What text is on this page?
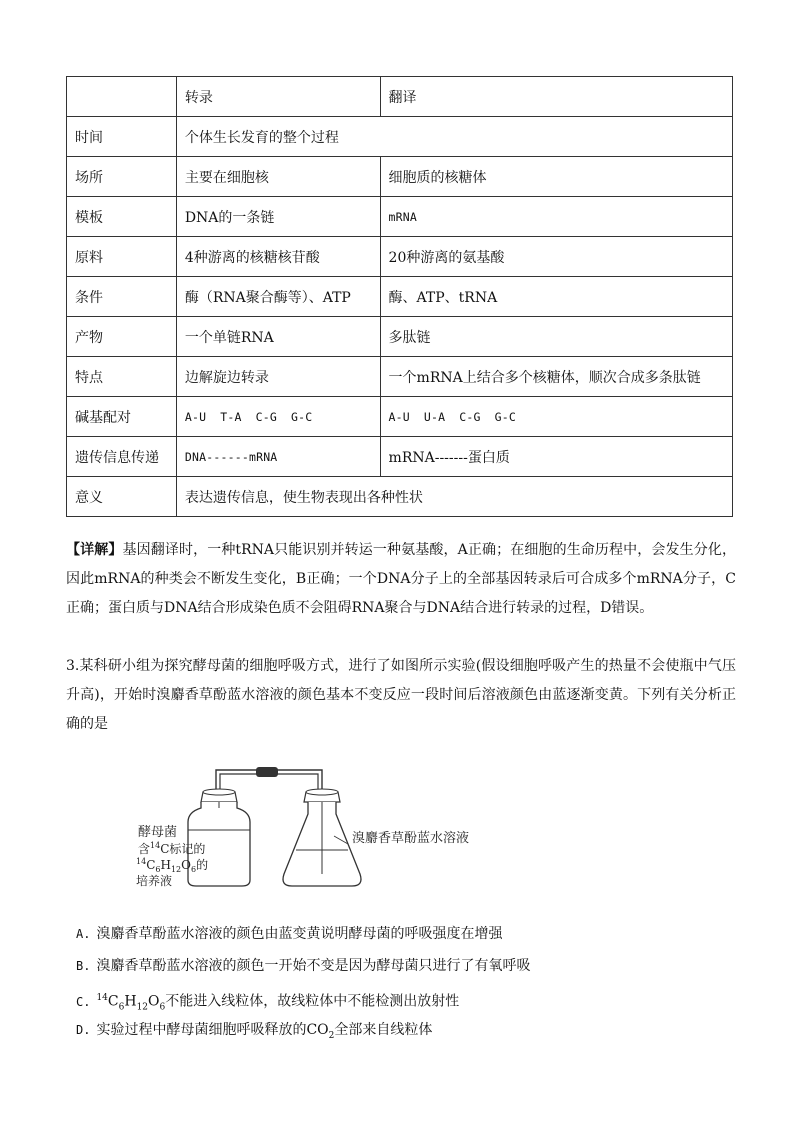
	转录	翻译
时间	个体生长发育的整个过程	
场所	主要在细胞核	细胞质的核糖体
模板	DNA的一条链	mRNA
原料	4种游离的核糖核苷酸	20种游离的氨基酸
条件	酶（RNA聚合酶等）、ATP	酶、ATP、tRNA
产物	一个单链RNA	多肽链
特点	边解旋边转录	一个mRNA上结合多个核糖体，顺次合成多条肽链
碱基配对	A-U T-A C-G G-C	A-U U-A C-G G-C
遗传信息传递	DNA------mRNA	mRNA-------蛋白质
意义	表达遗传信息，使生物表现出各种性状	
【详解】基因翻译时，一种tRNA只能识别并转运一种氨基酸，A正确；在细胞的生命历程中，会发生分化，因此mRNA的种类会不断发生变化，B正确；一个DNA分子上的全部基因转录后可合成多个mRNA分子，C正确；蛋白质与DNA结合形成染色质不会阻碍RNA聚合与DNA结合进行转录的过程，D错误。
3.某科研小组为探究酵母菌的细胞呼吸方式，进行了如图所示实验(假设细胞呼吸产生的热量不会使瓶中气压升高)，开始时溴麝香草酚蓝水溶液的颜色基本不变反应一段时间后溶液颜色由蓝逐渐变黄。下列有关分析正确的是
酵母菌
含$^{14}$C标记的
$^{14}C_6H_{12}O_6$的
培养液
溴麝香草酚蓝水溶液
A. 溴麝香草酚蓝水溶液的颜色由蓝变黄说明酵母菌的呼吸强度在增强
B. 溴麝香草酚蓝水溶液的颜色一开始不变是因为酵母菌只进行了有氧呼吸
C. $^{14}C_6H_{12}O_6$不能进入线粒体，故线粒体中不能检测出放射性
D. 实验过程中酵母菌细胞呼吸释放的$CO_2$全部来自线粒体
